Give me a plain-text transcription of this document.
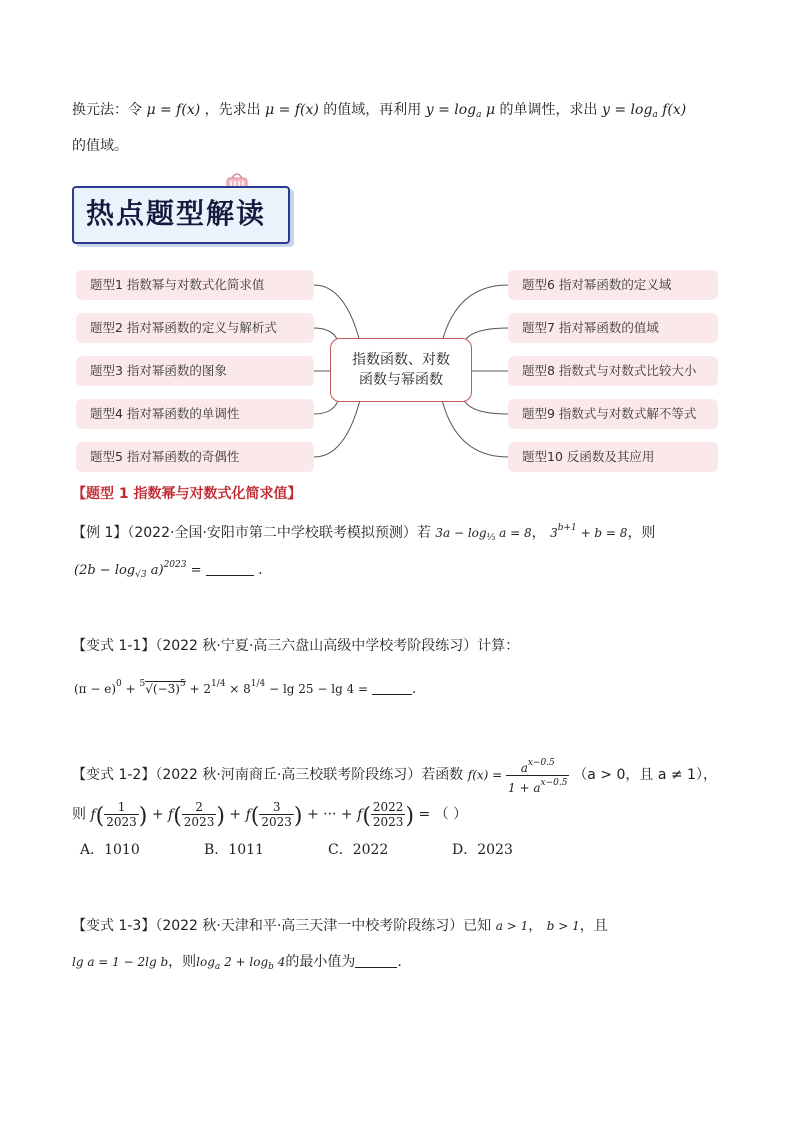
换元法：令 μ = f(x) ，先求出 μ = f(x) 的值域，再利用 $y = \log_a \mu$ 的单调性，求出 $y = \log_a f(x)$
的值域。
热点题型解读
题型1 指数幂与对数式化简求值
题型2 指对幂函数的定义与解析式
题型3 指对幂函数的图象
题型4 指对幂函数的单调性
题型5 指对幂函数的奇偶性
题型6 指对幂函数的定义域
题型7 指对幂函数的值域
题型8 指数式与对数式比较大小
题型9 指数式与对数式解不等式
题型10 反函数及其应用
指数函数、对数
函数与幂函数
【题型 1 指数幂与对数式化简求值】
【例 1】（2022·全国·安阳市第二中学校联考模拟预测）若 $3a - \log_{\frac{1}{3}} a = 8$， $3^{b+1} + b = 8$，则
$(2b - \log_{√3} a)^{2023}$ =	.
【变式 1-1】（2022 秋·宁夏·高三六盘山高级中学校考阶段练习）计算：
$(\pi - e)^0 + ^5√(-3)^5 + 2^{1/4} \times 8^{1/4} - \lg 25 - \lg 4$ =	.
【变式 1-2】（2022 秋·河南商丘·高三校联考阶段练习）若函数 $f(x) = \frac{a^{x-0.5}}{1 + a^{x-0.5}} (a > 0$，且 a ≠ 1），
则 $f( \frac{1}{2023}$ ) + $f( \frac{2}{2023}$ ) + $f( \frac{3}{2023}$ ) + ··· + $f( \frac{2022}{2023}$ ) = （ ）
A．1010	B．1011	C．2022	D．2023
【变式 1-3】（2022 秋·天津和平·高三天津一中校考阶段练习）已知 a > 1， b > 1，且
lg a = 1 − 2lg b，则$\log_a 2 + \log_b 4$的最小值为	.
